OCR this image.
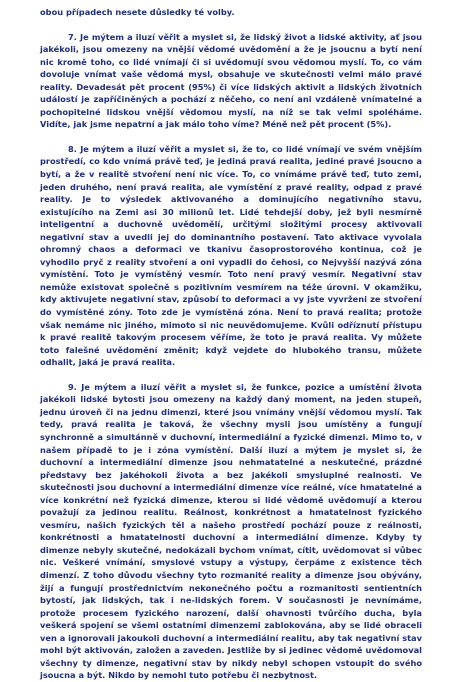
obou případech nesete důsledky té volby.

7. Je mýtem a iluzí věřit a myslet si, že lidský život a lidské aktivity, ať jsou jakékoli, jsou omezeny na vnější vědomé uvědomění a že je jsoucnu a bytí není nic kromě toho, co lidé vnímají či si uvědomují svou vědomou myslí. To, co vám dovoluje vnímat vaše vědomá mysl, obsahuje ve skutečnosti velmi málo pravé reality. Devadesát pět procent (95%) či více lidských aktivit a lidských životních událostí je zapříčiněných a pochází z něčeho, co není ani vzdáleně vnímatelné a pochopitelné lidskou vnější vědomou myslí, na níž se tak velmi spoléháme. Vidíte, jak jsme nepatrní a jak málo toho víme? Méně než pět procent (5%).

8. Je mýtem a iluzí věřit a myslet si, že to, co lidé vnímají ve svém vnějším prostředí, co kdo vnímá právě teď, je jediná pravá realita, jediné pravé jsoucno a bytí, a že v realitě stvoření není nic více. To, co vnímáme právě teď, tuto zemi, jeden druhého, není pravá realita, ale vymístění z pravé reality, odpad z pravé reality. Je to výsledek aktivovaného a dominujícího negativního stavu, existujícího na Zemi asi 30 milionů let. Lidé tehdejší doby, jež byli nesmírně inteligentní a duchovně uvědomělí, určitými složitými procesy aktivovali negativní stav a uvedli jej do dominantního postavení. Tato aktivace vyvolala ohromný chaos a deformaci ve tkanivu časoprostorového kontinua, což je vyhodilo pryč z reality stvoření a oni vypadli do čehosi, co Nejvyšší nazývá zóna vymístění. Toto je vymístěný vesmír. Toto není pravý vesmír. Negativní stav nemůže existovat společně s pozitivním vesmírem na téže úrovni. V okamžiku, kdy aktivujete negativní stav, způsobí to deformaci a vy jste vyvrženi ze stvoření do vymístěné zóny. Toto zde je vymístěná zóna. Není to pravá realita; protože však nemáme nic jiného, mimoto si nic neuvědomujeme. Kvůli odříznutí přístupu k pravé realitě takovým procesem věříme, že toto je pravá realita. Vy můžete toto falešné uvědomění změnit; když vejdete do hlubokého transu, můžete odhalit, jaká je pravá realita.

9. Je mýtem a iluzí věřit a myslet si, že funkce, pozice a umístění života jakékoli lidské bytosti jsou omezeny na každý daný moment, na jeden stupeň, jednu úroveň či na jednu dimenzi, které jsou vnímány vnější vědomou myslí. Tak tedy, pravá realita je taková, že všechny mysli jsou umístěny a fungují synchronně a simultánně v duchovní, intermediální a fyzické dimenzi. Mimo to, v našem případě to je i zóna vymístění. Další iluzí a mýtem je myslet si, že duchovní a intermediální dimenze jsou nehmatatelné a neskutečné, prázdné představy bez jakéhokoli života a bez jakékoli smysluplné realnosti. Ve skutečnosti jsou duchovní a intermediální dimenze více reálné, více hmatatelné a více konkrétní než fyzická dimenze, kterou si lidé vědomě uvědomují a kterou považují za jedinou realitu. Reálnost, konkrétnost a hmatatelnost fyzického vesmíru, našich fyzických těl a našeho prostředí pochází pouze z reálnosti, konkrétnosti a hmatatelnosti duchovní a intermediální dimenze. Kdyby ty dimenze nebyly skutečné, nedokázali bychom vnímat, cítit, uvědomovat si vůbec nic. Veškeré vnímání, smyslové vstupy a výstupy, čerpáme z existence těch dimenzí. Z toho důvodu všechny tyto rozmanité reality a dimenze jsou obývány, žijí a fungují prostřednictvím nekonečného počtu a rozmanitosti sentientních bytostí, jak lidských, tak i ne-lidských forem. V současnosti je nevnímáme, protože procesem fyzického narození, další ohavnosti tvůrčího ducha, byla veškerá spojení se všemi ostatními dimenzemi zablokována, aby se lidé obraceli ven a ignorovali jakoukoli duchovní a intermediální realitu, aby tak negativní stav mohl být aktivován, založen a zaveden. Jestliže by si jedinec vědomě uvědomoval všechny ty dimenze, negativní stav by nikdy nebyl schopen vstoupit do svého jsoucna a být. Nikdo by nemohl tuto potřebu či nezbytnost.
